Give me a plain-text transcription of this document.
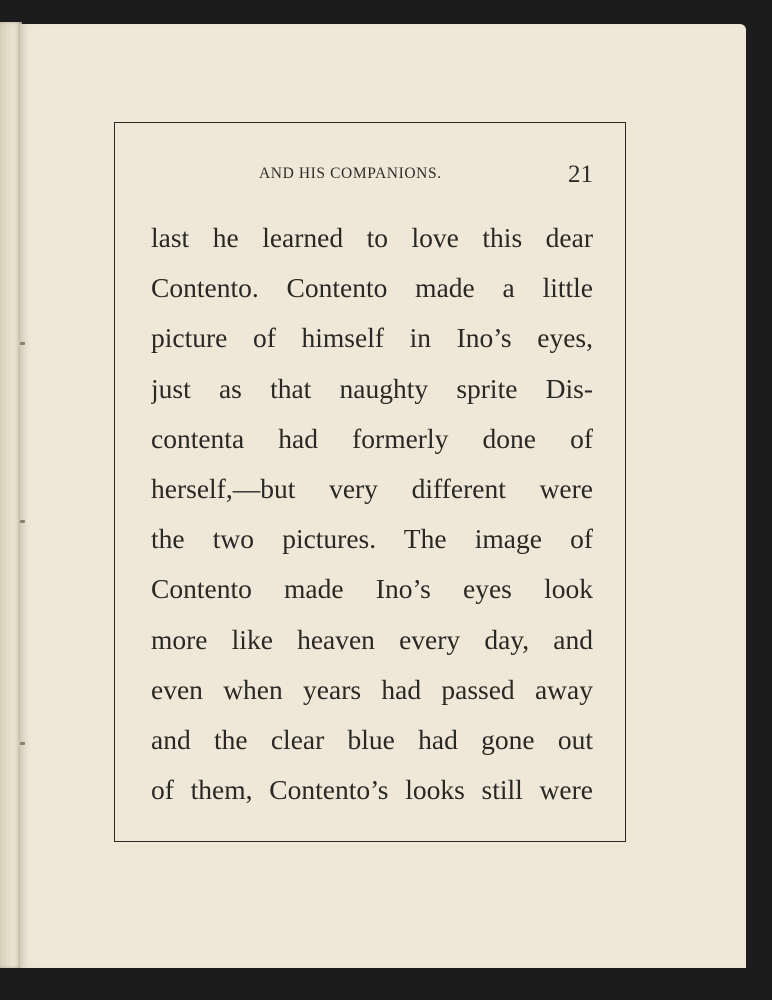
AND HIS COMPANIONS.	21
last he learned to love this dear
Contento. Contento made a little
picture of himself in Ino’s eyes,
just as that naughty sprite Dis-
contenta had formerly done of
herself,—but very different were
the two pictures. The image of
Contento made Ino’s eyes look
more like heaven every day, and
even when years had passed away
and the clear blue had gone out
of them, Contento’s looks still were
